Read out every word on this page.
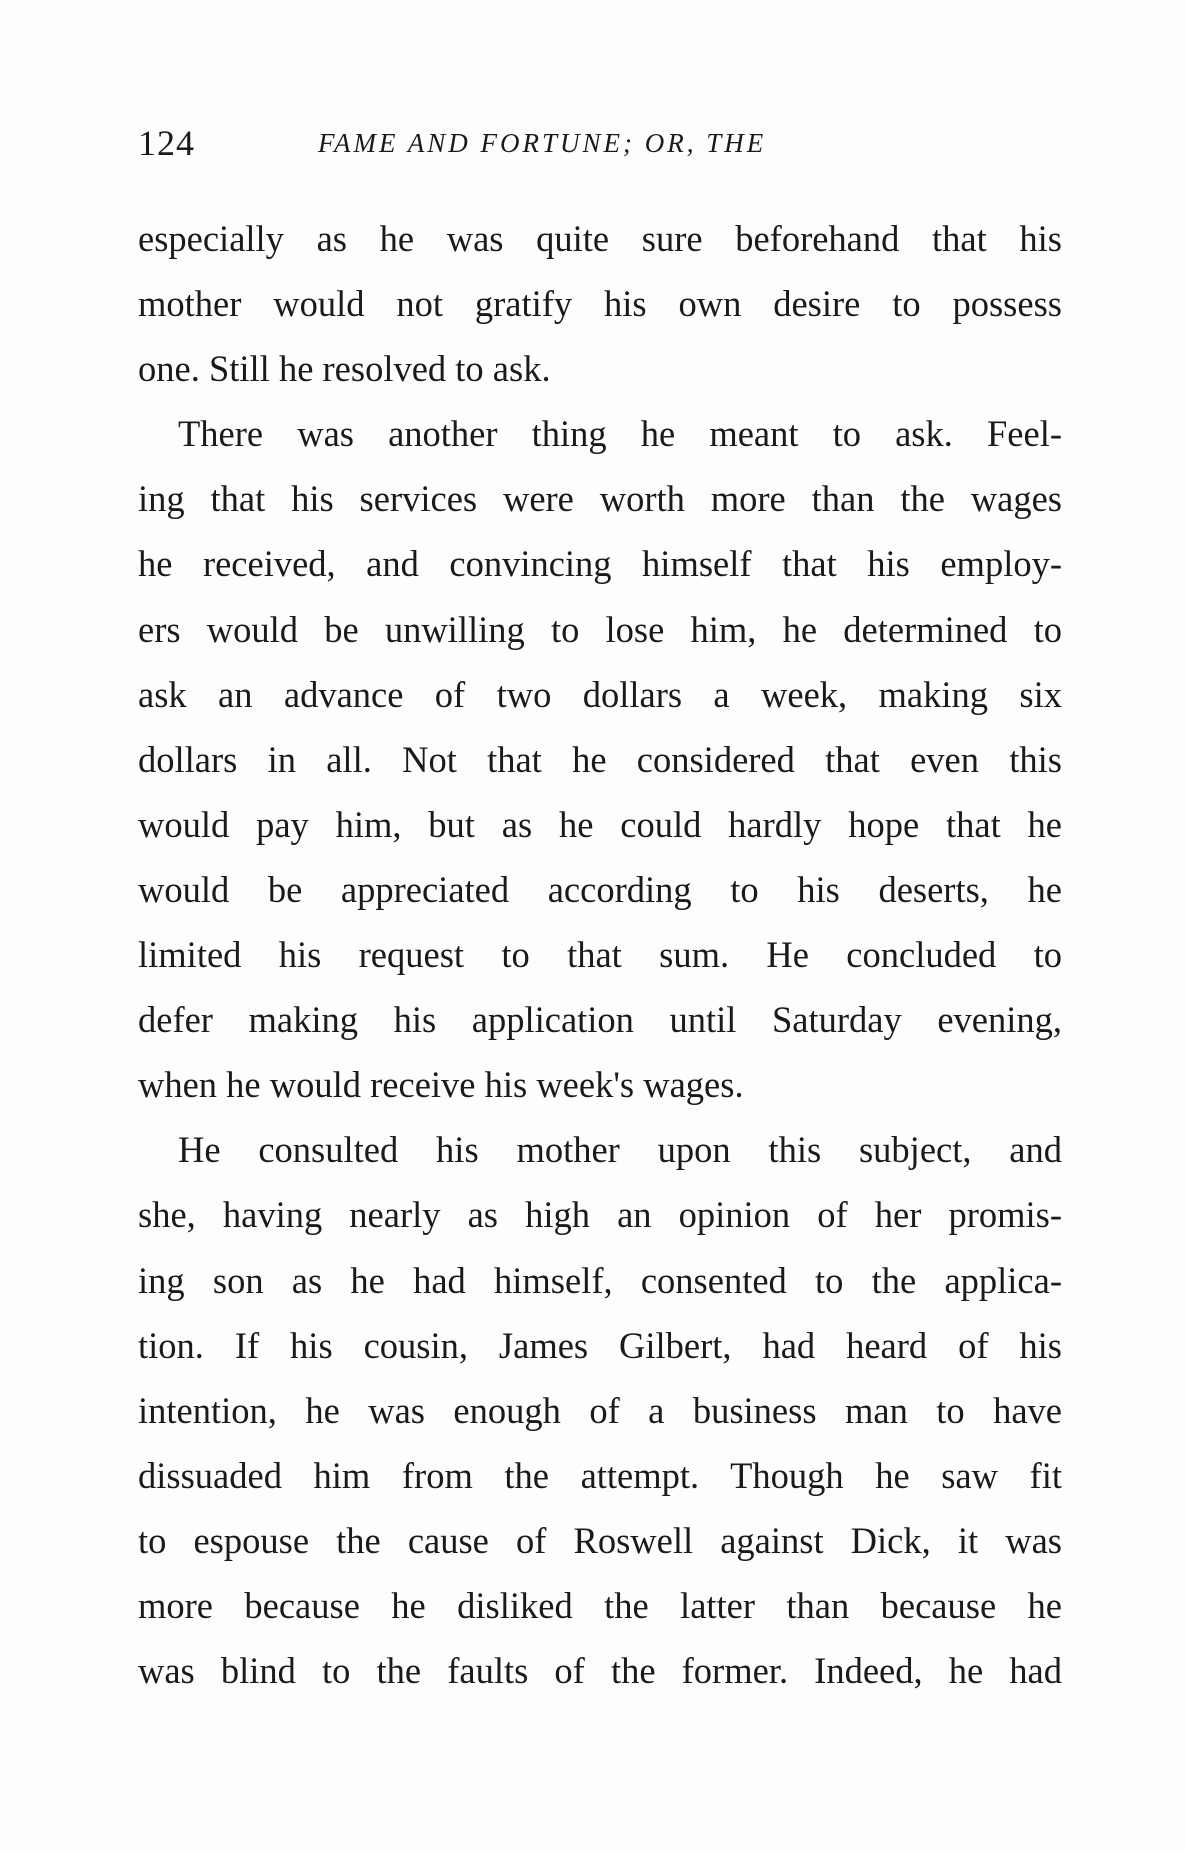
124	FAME AND FORTUNE; OR, THE
especially as he was quite sure beforehand that his
mother would not gratify his own desire to possess
one. Still he resolved to ask.
There was another thing he meant to ask. Feel-
ing that his services were worth more than the wages
he received, and convincing himself that his employ-
ers would be unwilling to lose him, he determined to
ask an advance of two dollars a week, making six
dollars in all. Not that he considered that even this
would pay him, but as he could hardly hope that he
would be appreciated according to his deserts, he
limited his request to that sum. He concluded to
defer making his application until Saturday evening,
when he would receive his week's wages.
He consulted his mother upon this subject, and
she, having nearly as high an opinion of her promis-
ing son as he had himself, consented to the applica-
tion. If his cousin, James Gilbert, had heard of his
intention, he was enough of a business man to have
dissuaded him from the attempt. Though he saw fit
to espouse the cause of Roswell against Dick, it was
more because he disliked the latter than because he
was blind to the faults of the former. Indeed, he had
